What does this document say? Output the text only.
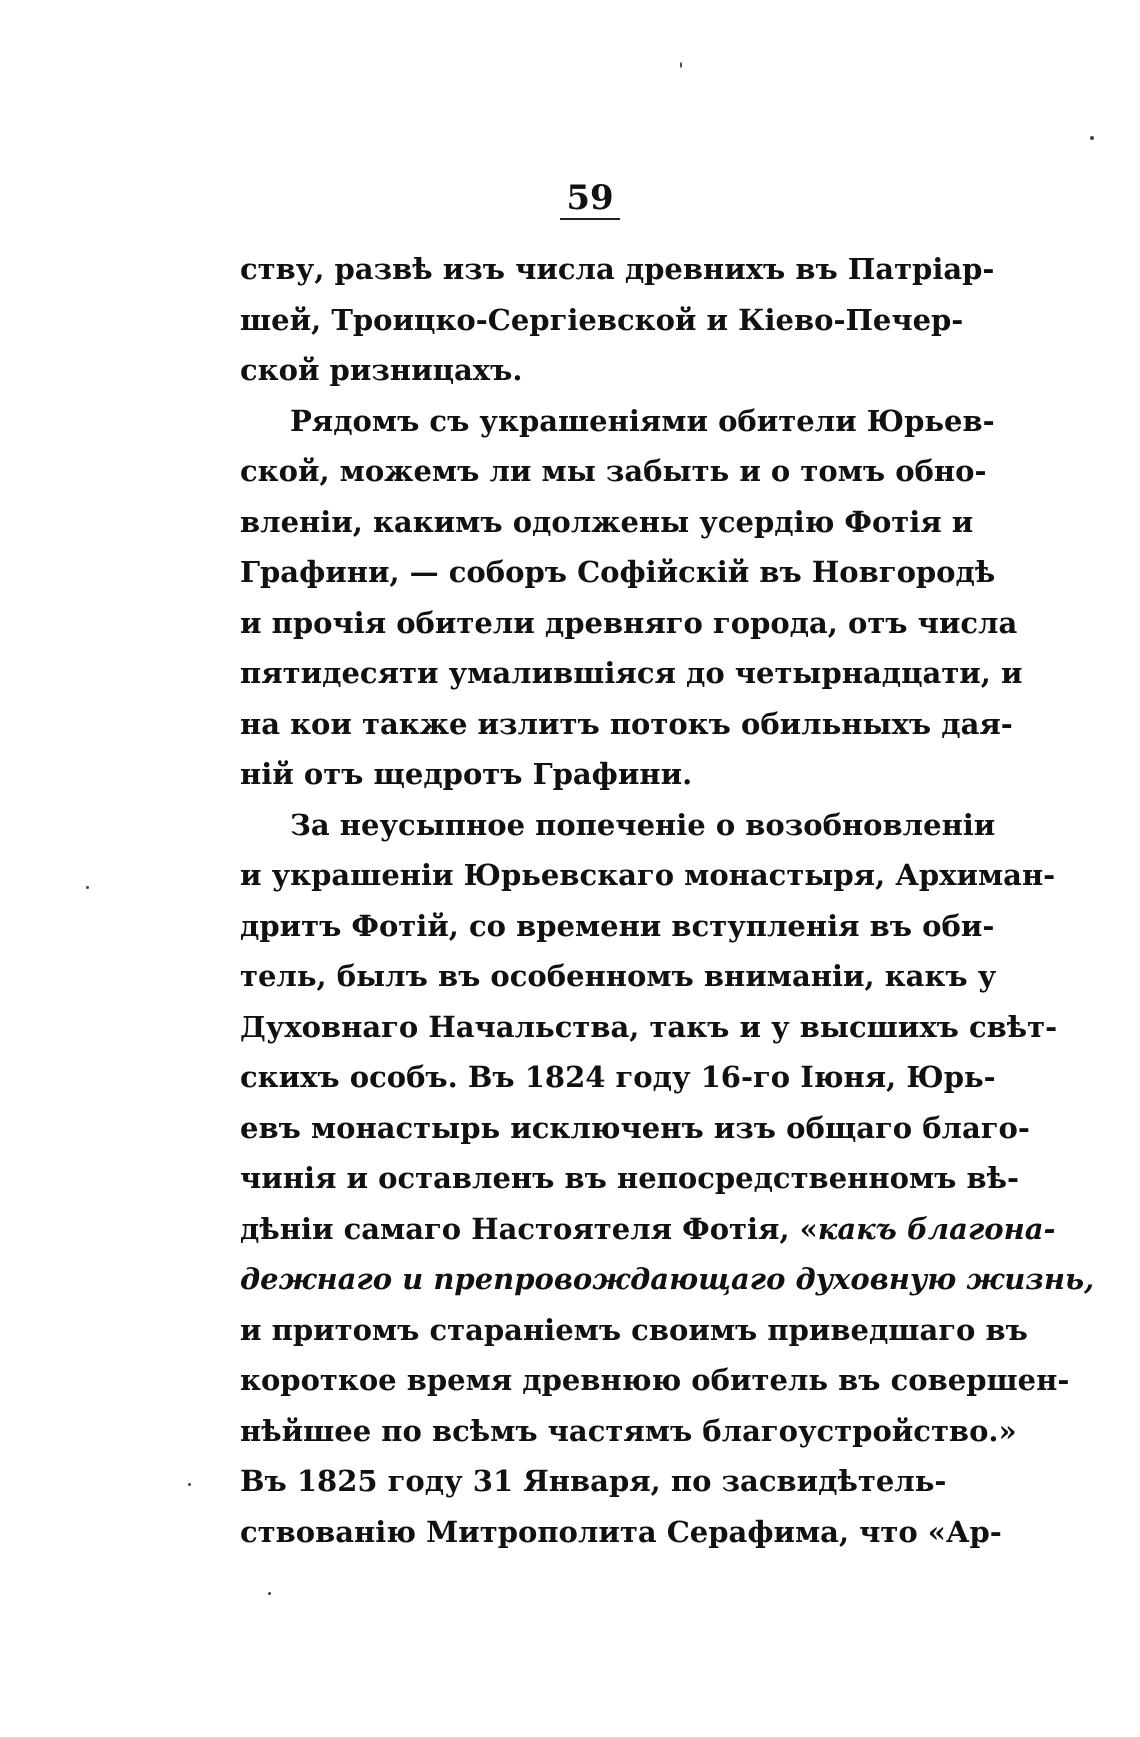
59
ству, развѣ изъ числа древнихъ въ Патріар-
шей, Троицко-Сергіевской и Кіево-Печер-
ской ризницахъ.
Рядомъ съ украшеніями обители Юрьев-
ской, можемъ ли мы забыть и о томъ обно-
вленіи, какимъ одолжены усердію Фотія и
Графини, — соборъ Софійскій въ Новгородѣ
и прочія обители древняго города, отъ числа
пятидесяти умалившіяся до четырнадцати, и
на кои также излитъ потокъ обильныхъ дая-
ній отъ щедротъ Графини.
За неусыпное попеченіе о возобновленіи
и украшеніи Юрьевскаго монастыря, Архиман-
дритъ Фотій, со времени вступленія въ оби-
тель, былъ въ особенномъ вниманіи, какъ у
Духовнаго Начальства, такъ и у высшихъ свѣт-
скихъ особъ. Въ 1824 году 16-го Іюня, Юрь-
евъ монастырь исключенъ изъ общаго благо-
чинія и оставленъ въ непосредственномъ вѣ-
дѣніи самаго Настоятеля Фотія, «какъ благона-
дежнаго и препровождающаго духовную жизнь,
и притомъ стараніемъ своимъ приведшаго въ
короткое время древнюю обитель въ совершен-
нѣйшее по всѣмъ частямъ благоустройство.»
Въ 1825 году 31 Января, по засвидѣтель-
ствованію Митрополита Серафима, что «Ар-
